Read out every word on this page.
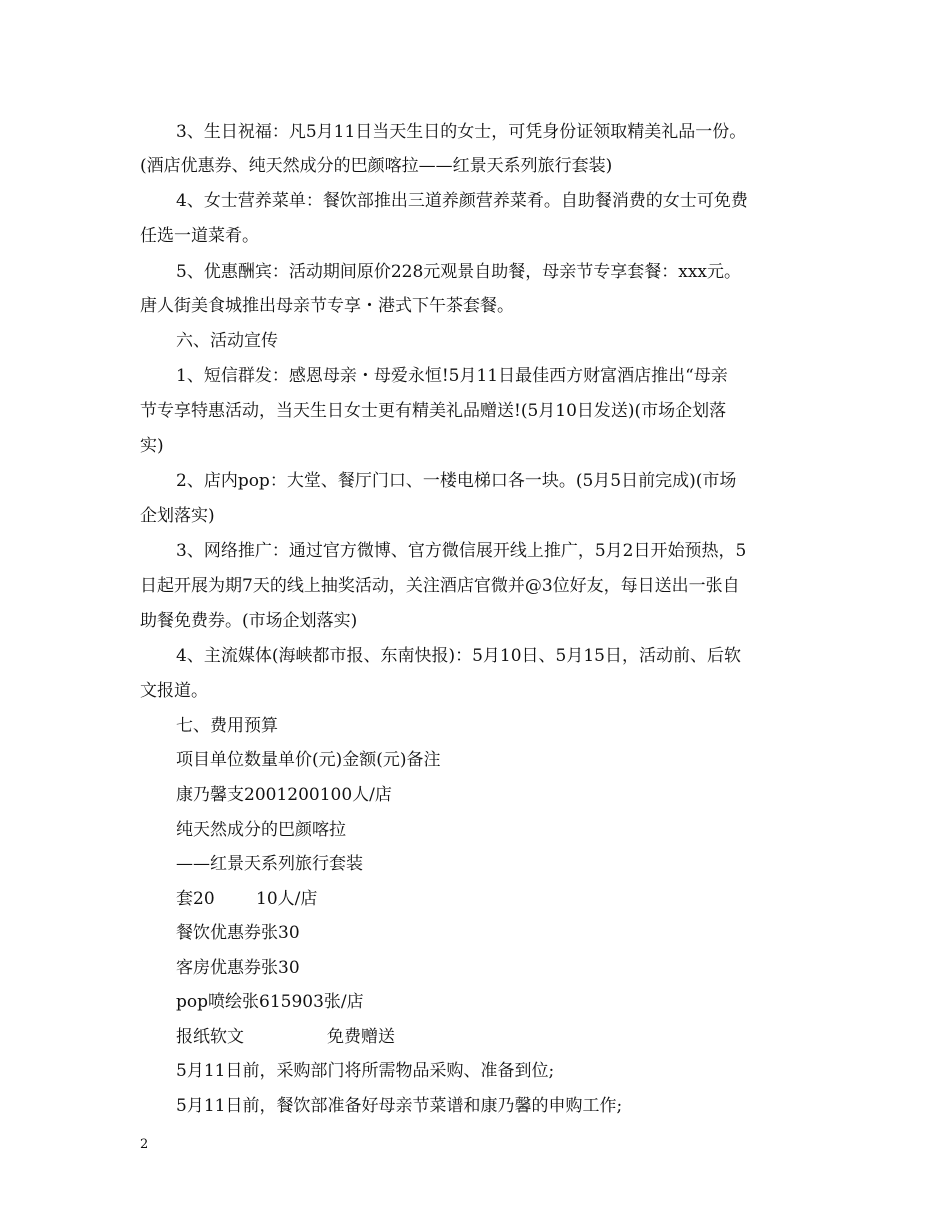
3、生日祝福：凡5月11日当天生日的女士，可凭身份证领取精美礼品一份。
(酒店优惠券、纯天然成分的巴颜喀拉——红景天系列旅行套装)
4、女士营养菜单：餐饮部推出三道养颜营养菜肴。自助餐消费的女士可免费
任选一道菜肴。
5、优惠酬宾：活动期间原价228元观景自助餐，母亲节专享套餐：xxx元。
唐人街美食城推出母亲节专享・港式下午茶套餐。
六、活动宣传
1、短信群发：感恩母亲・母爱永恒!5月11日最佳西方财富酒店推出“母亲
节专享特惠活动，当天生日女士更有精美礼品赠送!(5月10日发送)(市场企划落
实)
2、店内pop：大堂、餐厅门口、一楼电梯口各一块。(5月5日前完成)(市场
企划落实)
3、网络推广：通过官方微博、官方微信展开线上推广，5月2日开始预热，5
日起开展为期7天的线上抽奖活动，关注酒店官微并@3位好友，每日送出一张自
助餐免费券。(市场企划落实)
4、主流媒体(海峡都市报、东南快报)：5月10日、5月15日，活动前、后软
文报道。
七、费用预算
项目单位数量单价(元)金额(元)备注
康乃馨支2001200100人/店
纯天然成分的巴颜喀拉
——红景天系列旅行套装
套20 10人/店
餐饮优惠券张30
客房优惠券张30
pop喷绘张615903张/店
报纸软文	免费赠送
5月11日前，采购部门将所需物品采购、准备到位;
5月11日前，餐饮部准备好母亲节菜谱和康乃馨的申购工作;
2
